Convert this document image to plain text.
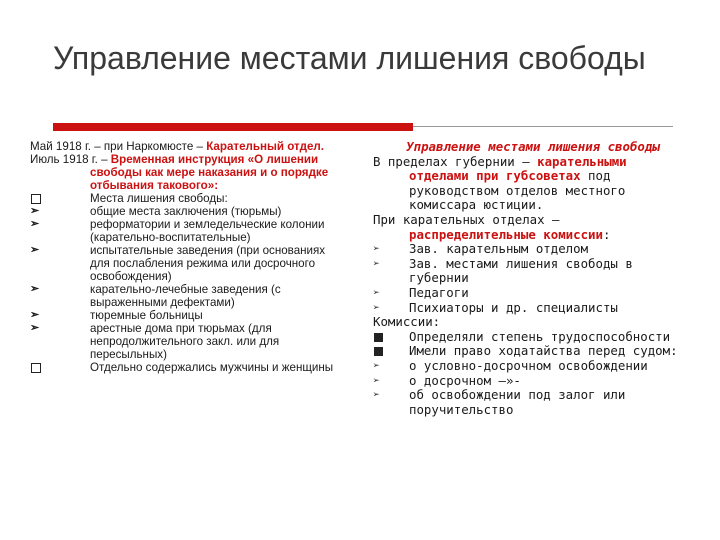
Управление местами лишения свободы
Май 1918 г. – при Наркомюсте – Карательный отдел.
Июль 1918 г. – Временная инструкция «О лишении свободы как мере наказания и о порядке отбывания такового»:
Места лишения свободы:
➢	общие места заключения (тюрьмы)
➢	реформатории и земледельческие колонии (карательно-воспитательные)
➢	испытательные заведения (при основаниях для послабления режима или досрочного освобождения)
➢	карательно-лечебные заведения (с выраженными дефектами)
➢	тюремные больницы
➢	арестные дома при тюрьмах (для непродолжительного закл. или для пересыльных)
Отдельно содержались мужчины и женщины
Управление местами лишения свободы
В пределах губернии – карательными отделами при губсоветах под руководством отделов местного комиссара юстиции.
При карательных отделах – распределительные комиссии:
➢ Зав. карательным отделом
➢ Зав. местами лишения свободы в губернии
➢ Педагоги
➢ Психиаторы и др. специалисты
Комиссии:
Определяли степень трудоспособности
Имели право ходатайства перед судом:
➢ о условно-досрочном освобождении
➢ о досрочном –»-
➢ об освобождении под залог или поручительство
